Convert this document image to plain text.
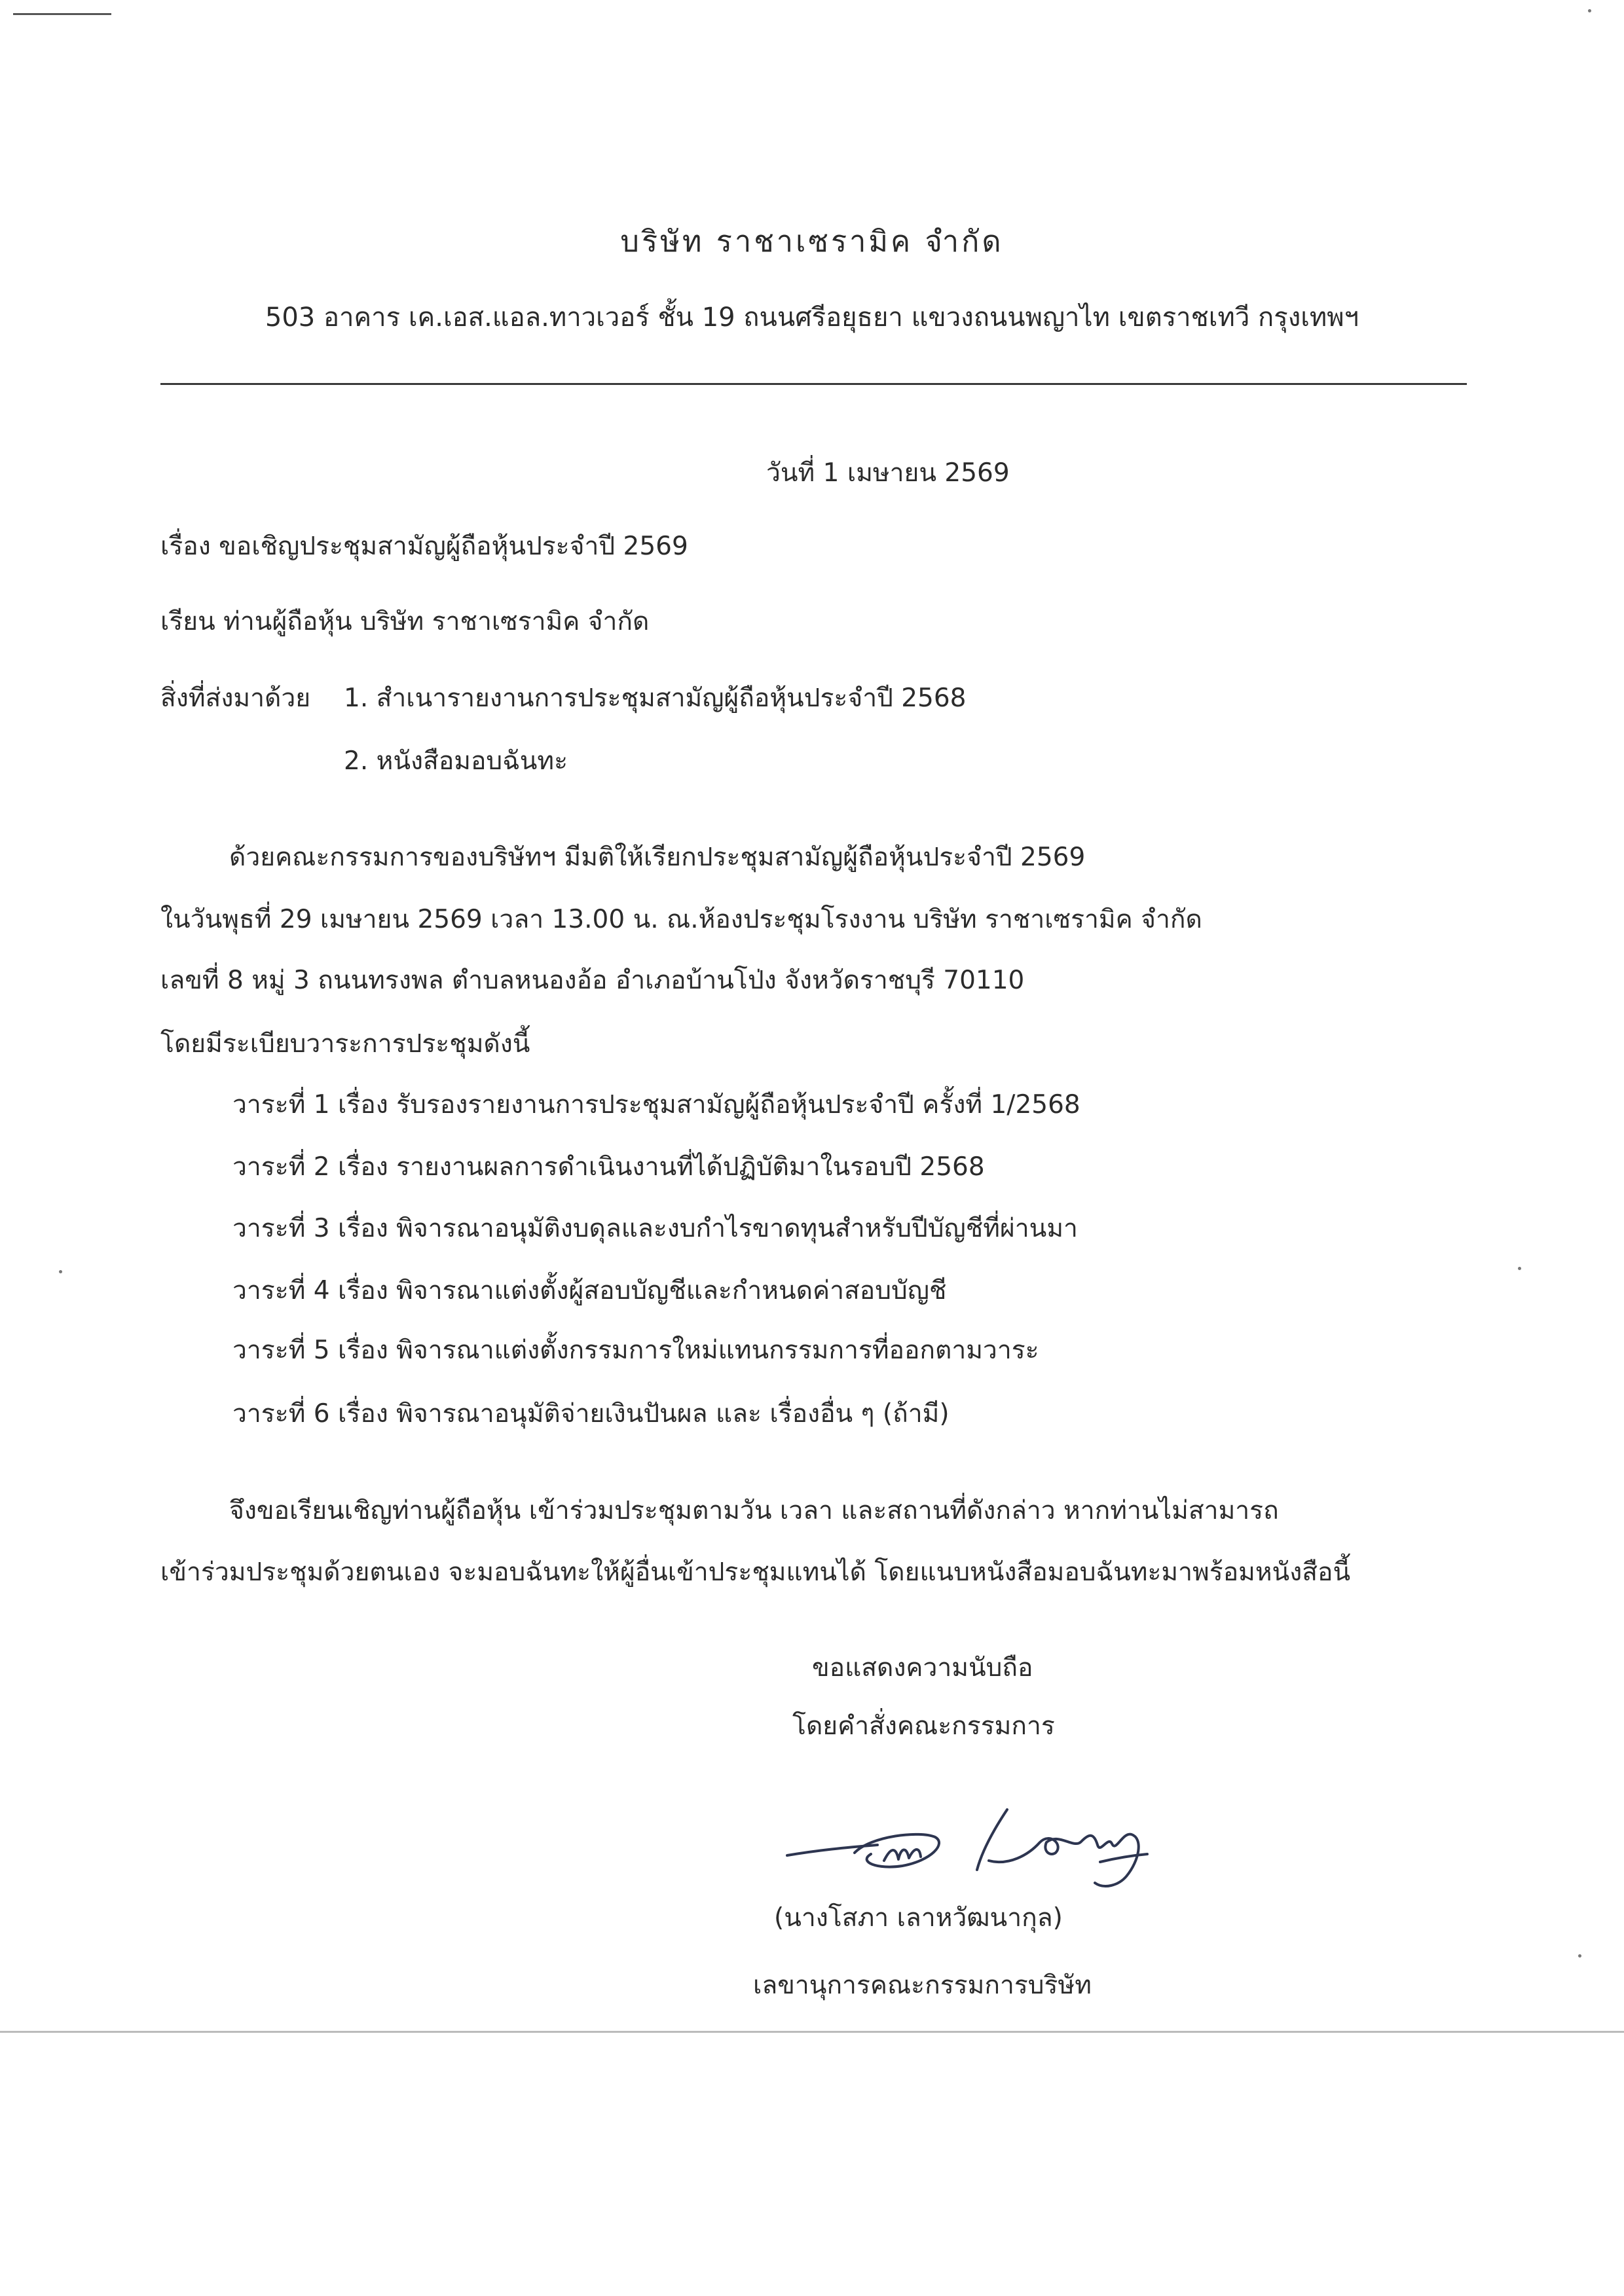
บริษัท ราชาเซรามิค จำกัด
503 อาคาร เค.เอส.แอล.ทาวเวอร์ ชั้น 19 ถนนศรีอยุธยา แขวงถนนพญาไท เขตราชเทวี กรุงเทพฯ
วันที่ 1 เมษายน 2569
เรื่อง ขอเชิญประชุมสามัญผู้ถือหุ้นประจำปี 2569
เรียน ท่านผู้ถือหุ้น บริษัท ราชาเซรามิค จำกัด
สิ่งที่ส่งมาด้วย 1. สำเนารายงานการประชุมสามัญผู้ถือหุ้นประจำปี 2568
2. หนังสือมอบฉันทะ
ด้วยคณะกรรมการของบริษัทฯ มีมติให้เรียกประชุมสามัญผู้ถือหุ้นประจำปี 2569
ในวันพุธที่ 29 เมษายน 2569 เวลา 13.00 น. ณ.ห้องประชุมโรงงาน บริษัท ราชาเซรามิค จำกัด
เลขที่ 8 หมู่ 3 ถนนทรงพล ตำบลหนองอ้อ อำเภอบ้านโป่ง จังหวัดราชบุรี 70110
โดยมีระเบียบวาระการประชุมดังนี้
วาระที่ 1 เรื่อง รับรองรายงานการประชุมสามัญผู้ถือหุ้นประจำปี ครั้งที่ 1/2568
วาระที่ 2 เรื่อง รายงานผลการดำเนินงานที่ได้ปฏิบัติมาในรอบปี 2568
วาระที่ 3 เรื่อง พิจารณาอนุมัติงบดุลและงบกำไรขาดทุนสำหรับปีบัญชีที่ผ่านมา
วาระที่ 4 เรื่อง พิจารณาแต่งตั้งผู้สอบบัญชีและกำหนดค่าสอบบัญชี
วาระที่ 5 เรื่อง พิจารณาแต่งตั้งกรรมการใหม่แทนกรรมการที่ออกตามวาระ
วาระที่ 6 เรื่อง พิจารณาอนุมัติจ่ายเงินปันผล และ เรื่องอื่น ๆ (ถ้ามี)
จึงขอเรียนเชิญท่านผู้ถือหุ้น เข้าร่วมประชุมตามวัน เวลา และสถานที่ดังกล่าว หากท่านไม่สามารถ
เข้าร่วมประชุมด้วยตนเอง จะมอบฉันทะให้ผู้อื่นเข้าประชุมแทนได้ โดยแนบหนังสือมอบฉันทะมาพร้อมหนังสือนี้
ขอแสดงความนับถือ
โดยคำสั่งคณะกรรมการ
(นางโสภา เลาหวัฒนากุล)
เลขานุการคณะกรรมการบริษัท
